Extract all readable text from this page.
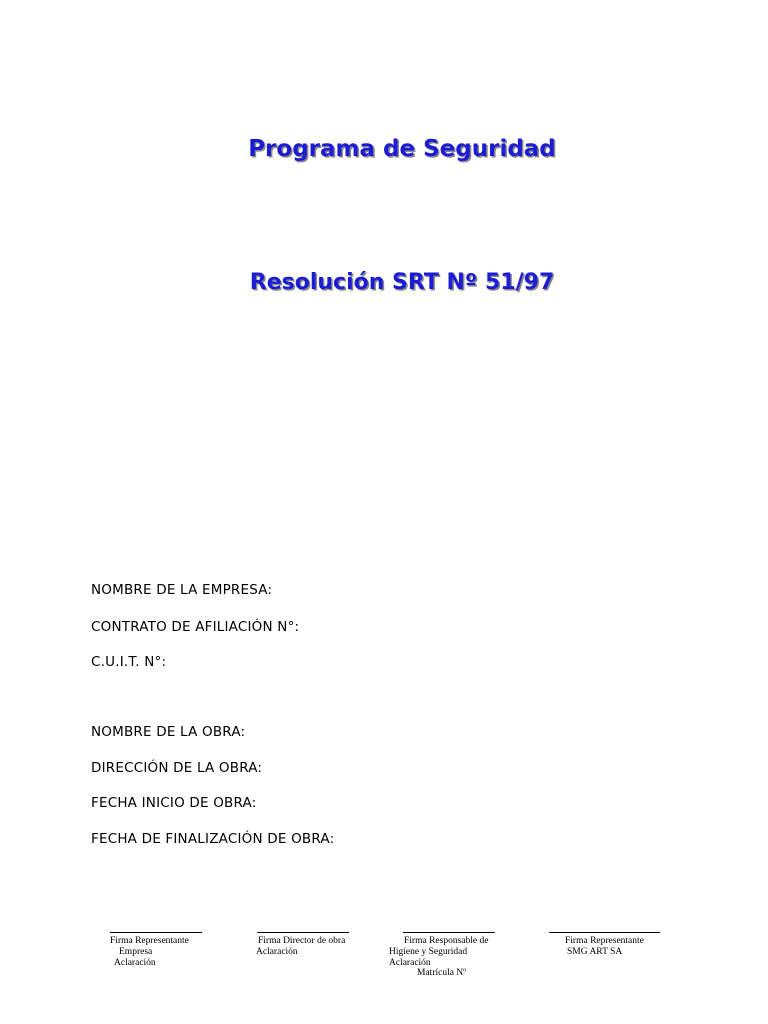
Programa de Seguridad
Resolución SRT Nº 51/97
NOMBRE DE LA EMPRESA:
CONTRATO DE AFILIACIÓN N°:
C.U.I.T. N°:
NOMBRE DE LA OBRA:
DIRECCIÓN DE LA OBRA:
FECHA INICIO DE OBRA:
FECHA DE FINALIZACIÓN DE OBRA:
Firma Representante
Empresa
Aclaración
Firma Director de obra
Aclaración
Firma Responsable de
Higiene y Seguridad
Aclaración
Matrícula Nº
Firma Representante
SMG ART SA
